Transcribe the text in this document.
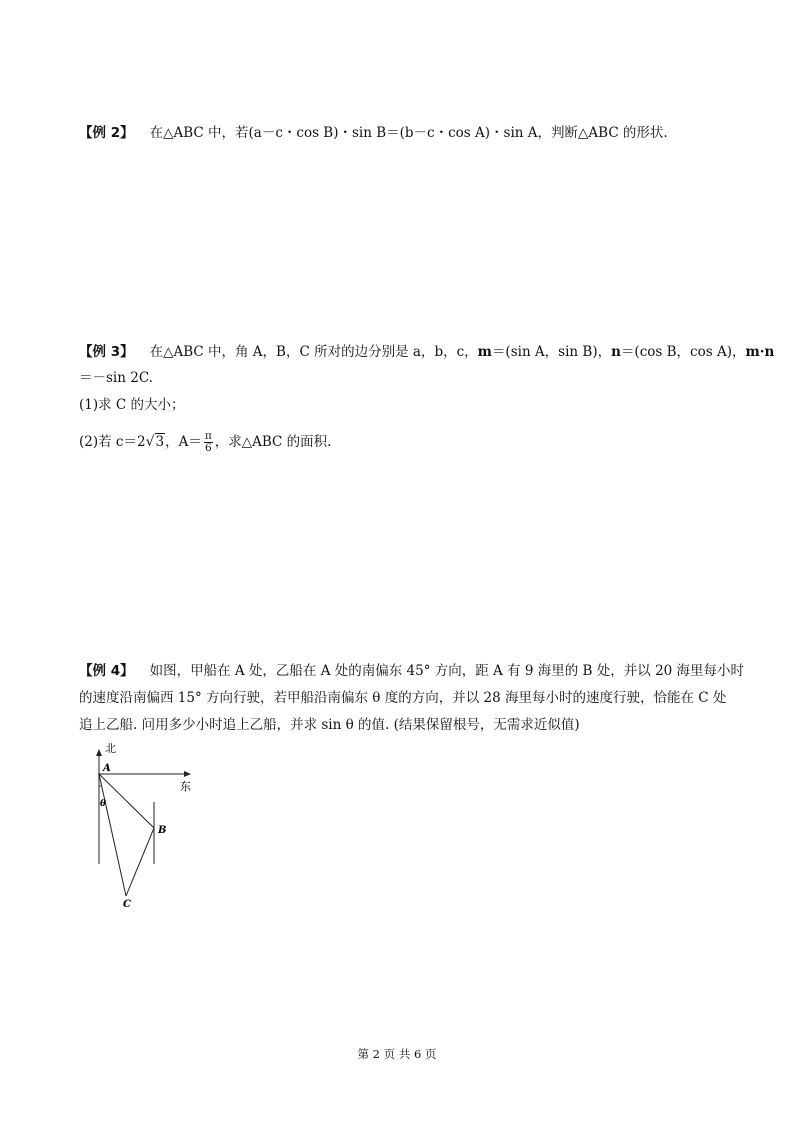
【例 2】 在△ABC 中，若(a－c・cos B)・sin B＝(b－c・cos A)・sin A，判断△ABC 的形状.
【例 3】 在△ABC 中，角 A，B，C 所对的边分别是 a，b，c，m＝(sin A，sin B)，n＝(cos B，cos A)，m·n
＝－sin 2C.
(1)求 C 的大小；
(2)若 c＝2√3，$A= \frac{\pi}{6}$ ，求△ABC 的面积.
【例 4】 如图，甲船在 A 处，乙船在 A 处的南偏东 45° 方向，距 A 有 9 海里的 B 处，并以 20 海里每小时
的速度沿南偏西 15° 方向行驶，若甲船沿南偏东 θ 度的方向，并以 28 海里每小时的速度行驶，恰能在 C 处
追上乙船. 问用多少小时追上乙船，并求 sin θ 的值. (结果保留根号，无需求近似值)
北
东
A
B
C
θ
第 2 页 共 6 页
